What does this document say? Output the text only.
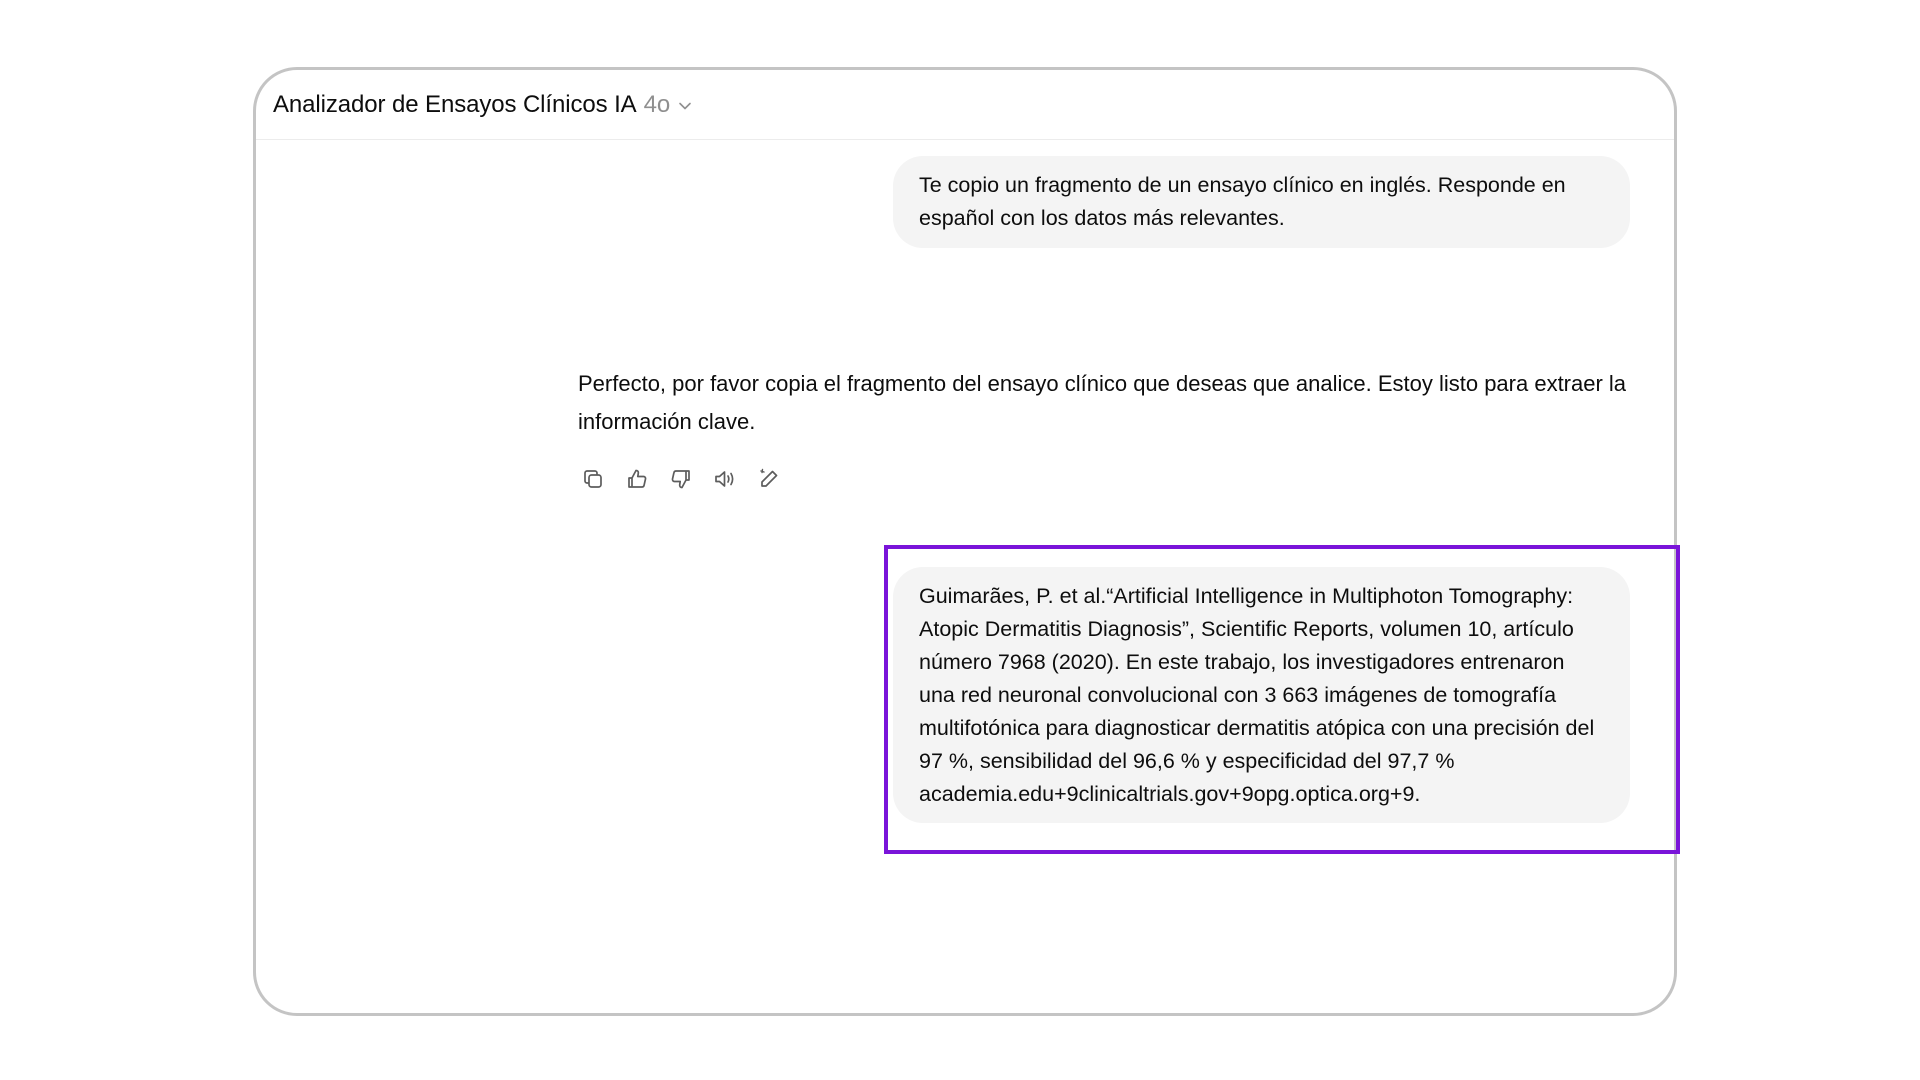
Analizador de Ensayos Clínicos IA 4o
Te copio un fragmento de un ensayo clínico en inglés. Responde en español con los datos más relevantes.
Perfecto, por favor copia el fragmento del ensayo clínico que deseas que analice. Estoy listo para extraer la información clave.
Guimarães, P. et al.“Artificial Intelligence in Multiphoton Tomography: Atopic Dermatitis Diagnosis”, Scientific Reports, volumen 10, artículo número 7968 (2020). En este trabajo, los investigadores entrenaron una red neuronal convolucional con 3 663 imágenes de tomografía multifotónica para diagnosticar dermatitis atópica con una precisión del 97 %, sensibilidad del 96,6 % y especificidad del 97,7 % academia.edu+9clinicaltrials.gov+9opg.optica.org+9.
